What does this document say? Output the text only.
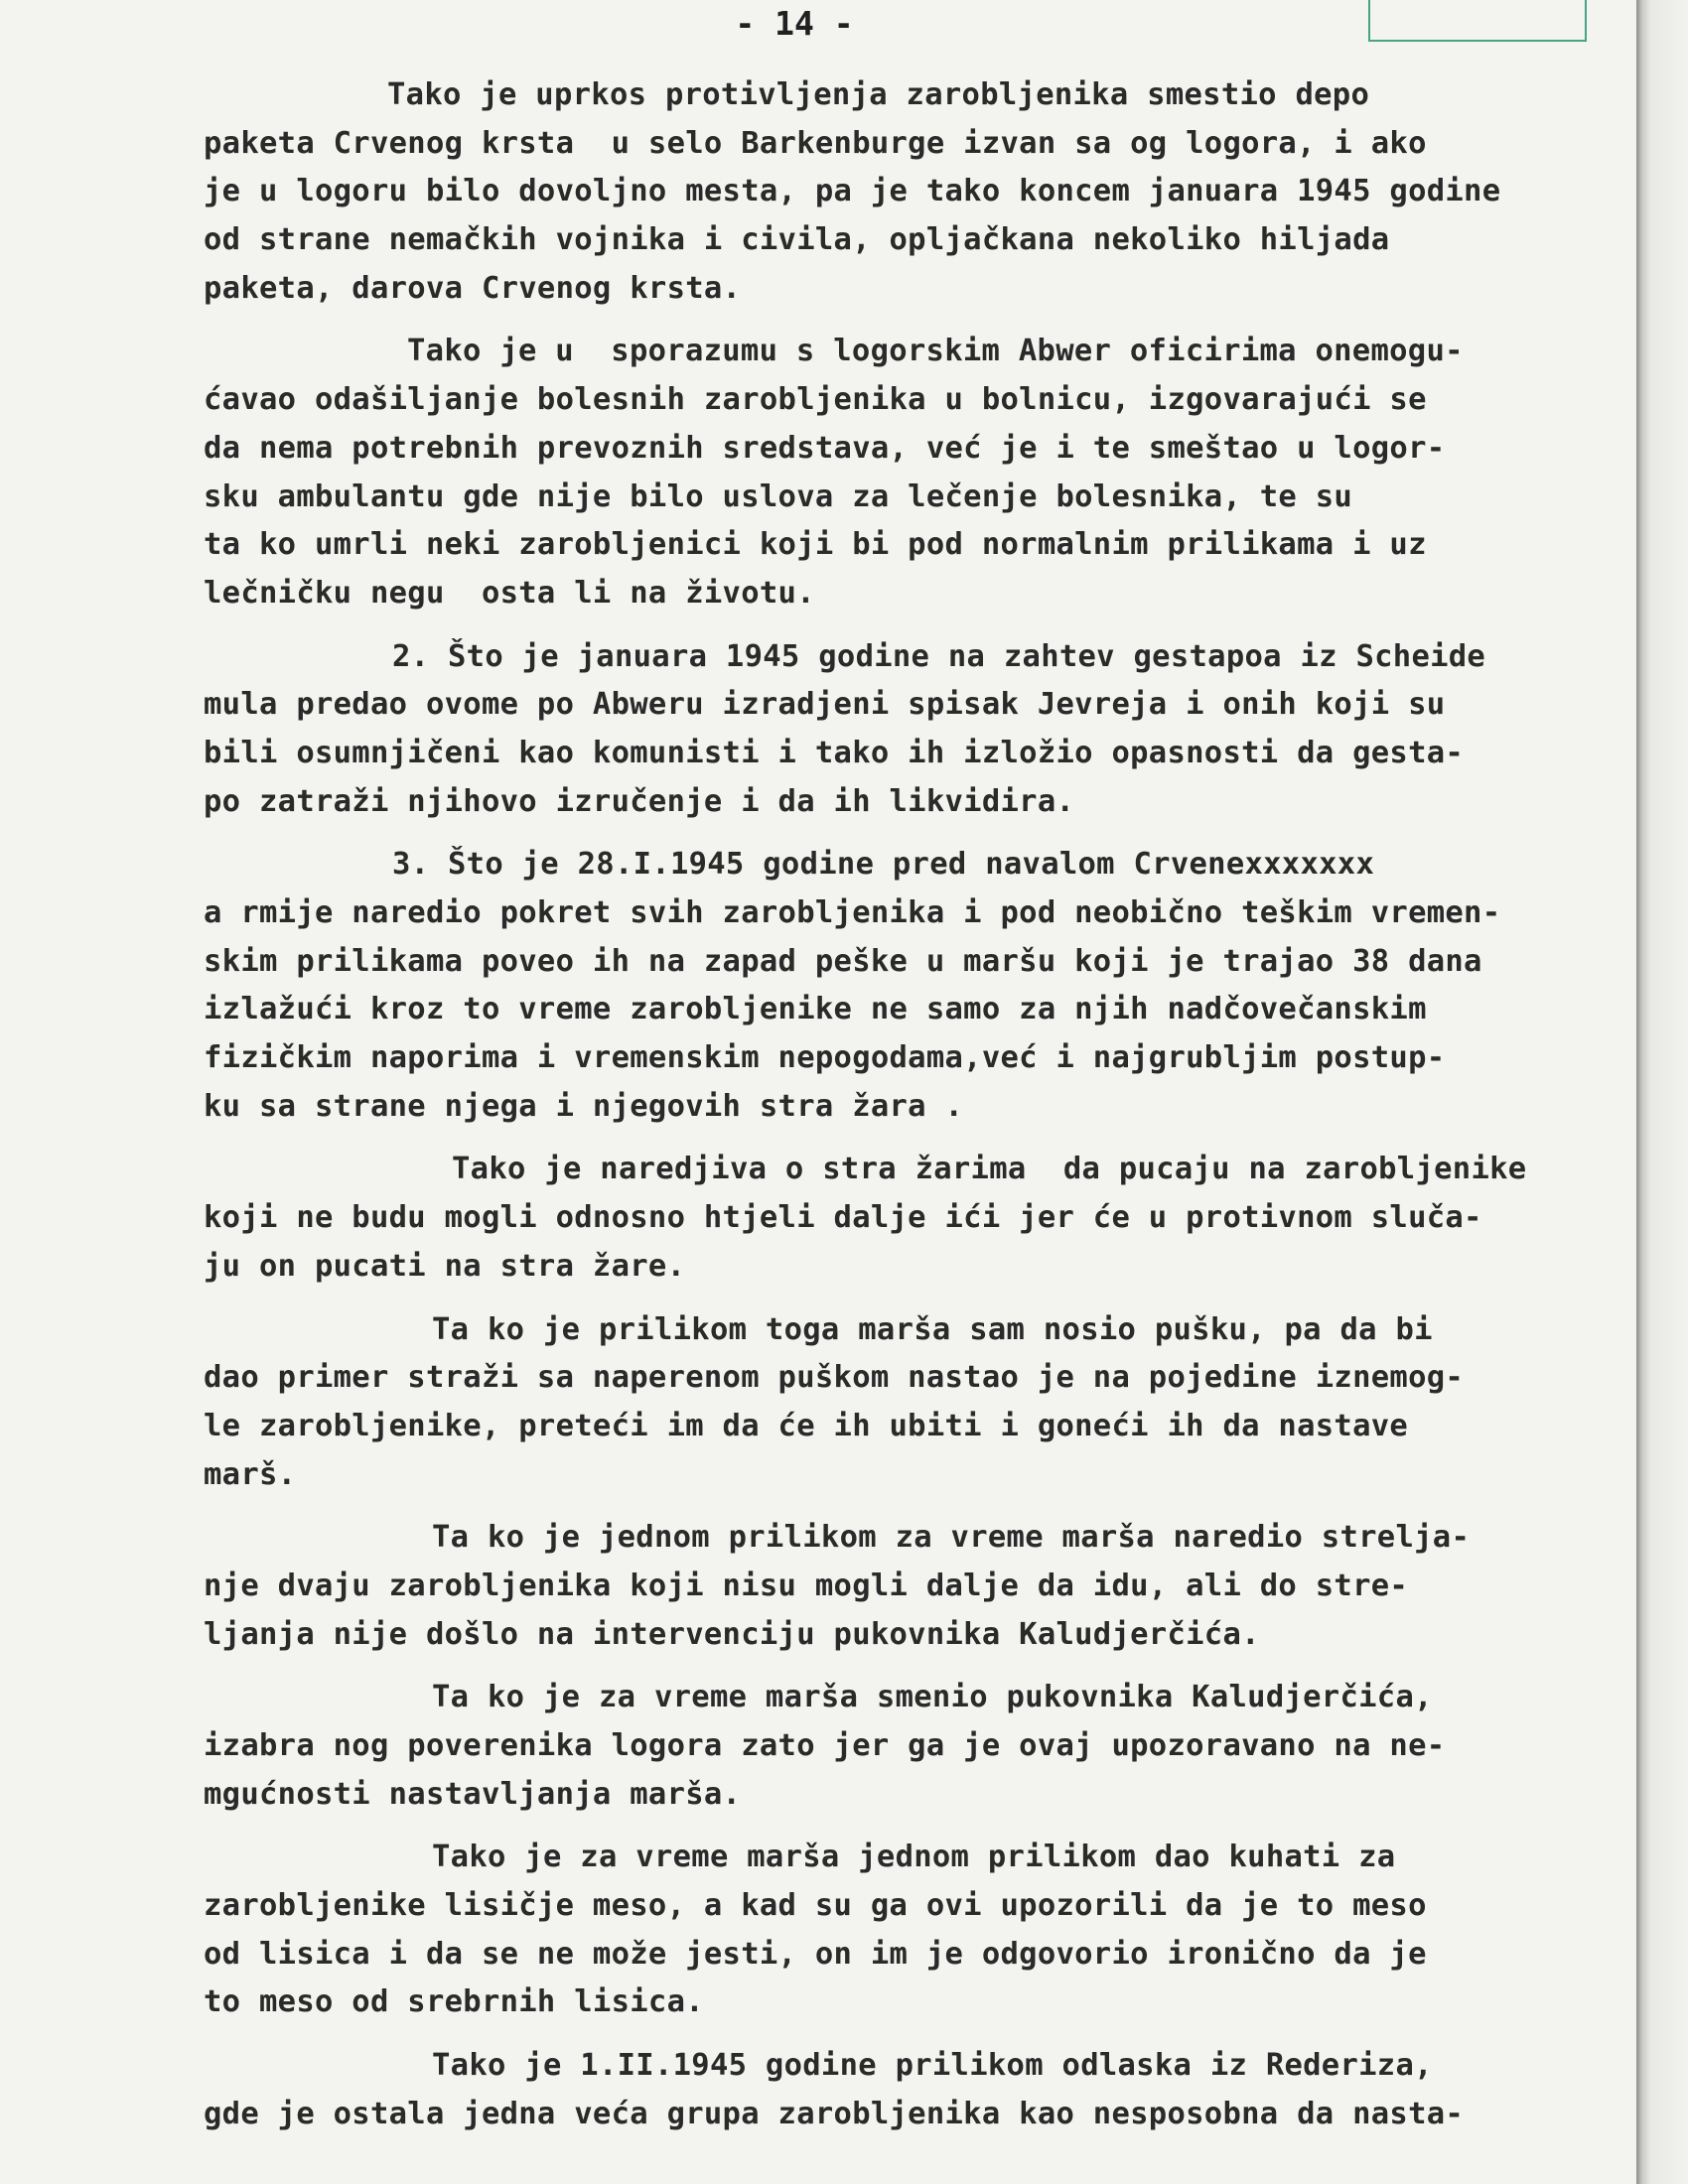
- 14 -
Tako je uprkos protivljenja zarobljenika smestio depo
paketa Crvenog krsta  u selo Barkenburge izvan sa og logora, i ako
je u logoru bilo dovoljno mesta, pa je tako koncem januara 1945 godine
od strane nemačkih vojnika i civila, opljačkana nekoliko hiljada
paketa, darova Crvenog krsta.
Tako je u  sporazumu s logorskim Abwer oficirima onemogu-
ćavao odašiljanje bolesnih zarobljenika u bolnicu, izgovarajući se
da nema potrebnih prevoznih sredstava, već je i te smeštao u logor-
sku ambulantu gde nije bilo uslova za lečenje bolesnika, te su
ta ko umrli neki zarobljenici koji bi pod normalnim prilikama i uz
lečničku negu  osta li na životu.
2. Što je januara 1945 godine na zahtev gestapoa iz Scheide
mula predao ovome po Abweru izradjeni spisak Jevreja i onih koji su
bili osumnjičeni kao komunisti i tako ih izložio opasnosti da gesta-
po zatraži njihovo izručenje i da ih likvidira.
3. Što je 28.I.1945 godine pred navalom Crvenexxxxxxx
a rmije naredio pokret svih zarobljenika i pod neobično teškim vremen-
skim prilikama poveo ih na zapad peške u maršu koji je trajao 38 dana
izlažući kroz to vreme zarobljenike ne samo za njih nadčovečanskim
fizičkim naporima i vremenskim nepogodama,već i najgrubljim postup-
ku sa strane njega i njegovih stra žara .
Tako je naredjiva o stra žarima  da pucaju na zarobljenike
koji ne budu mogli odnosno htjeli dalje ići jer će u protivnom sluča-
ju on pucati na stra žare.
Ta ko je prilikom toga marša sam nosio pušku, pa da bi
dao primer straži sa naperenom puškom nastao je na pojedine iznemog-
le zarobljenike, preteći im da će ih ubiti i goneći ih da nastave
marš.
Ta ko je jednom prilikom za vreme marša naredio streljа-
nje dvaju zarobljenika koji nisu mogli dalje da idu, ali do stre-
ljanja nije došlo na intervenciju pukovnika Kaludjerčića.
Ta ko je za vreme marša smenio pukovnika Kaludjerčića,
izabra nog poverenika logora zato jer ga je ovaj upozoravano na ne-
mgućnosti nastavljanja marša.
Tako je za vreme marša jednom prilikom dao kuhati za
zarobljenike lisičje meso, a kad su ga ovi upozorili da je to meso
od lisica i da se ne može jesti, on im je odgovorio ironično da je
to meso od srebrnih lisica.
Tako je 1.II.1945 godine prilikom odlaska iz Rederiza,
gde je ostala jedna veća grupa zarobljenika kao nesposobna da nasta-
